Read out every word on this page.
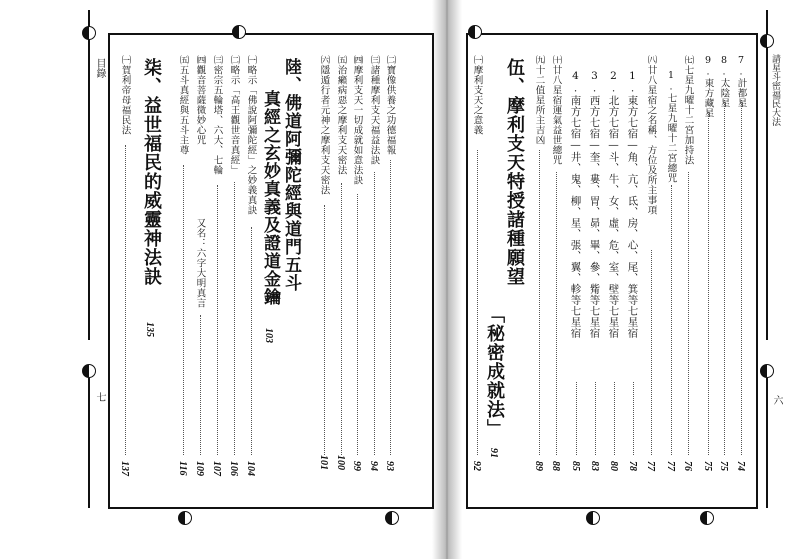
目錄
七
㈡寶像供養之功德福報
93
㈢諸種摩利支天福益法訣
94
㈣摩利支天一切成就如意法訣
99
㈤治癩病惡之摩利支天密法
100
㈥隱遁行者元神之摩利支天密法
101
陸、佛道阿彌陀經與道門五斗
真經之玄妙真義及證道金鑰
103
㈠略示「佛說阿彌陀經」之妙義真訣
104
㈡略示「高王觀世音真經」
106
㈢密宗五輪塔、六大、七輪
107
㈣觀音菩薩微妙心咒
又名：六字大明真言
109
㈤五斗真經與五斗主尊
116
柒、益世福民的威靈神法訣
135
㈠賀利帝母福民法
137
請星斗密福民大法
六
7.計都星
74
8.太陰星
75
9.東方藏星
75
㈦七星九曜十二宮加持法
76
1.七星九曜十二宮總咒
77
㈧廿八星宿之名稱、方位及所主事項
77
1.東方七宿—角、亢、氐、房、心、尾、箕等七星宿
78
2.北方七宿—斗、牛、女、虛、危、室、壁等七星宿
80
3.西方七宿—奎、婁、胃、昴、畢、參、觜等七星宿
83
4.南方七宿—井、鬼、柳、星、張、翼、軫等七星宿
85
㈩廿八星宿運氣益世總咒
88
㈨十二值星所主吉凶
89
伍、摩利支天特授諸種願望
「秘密成就法」
91
㈠摩利支天之意義
92
